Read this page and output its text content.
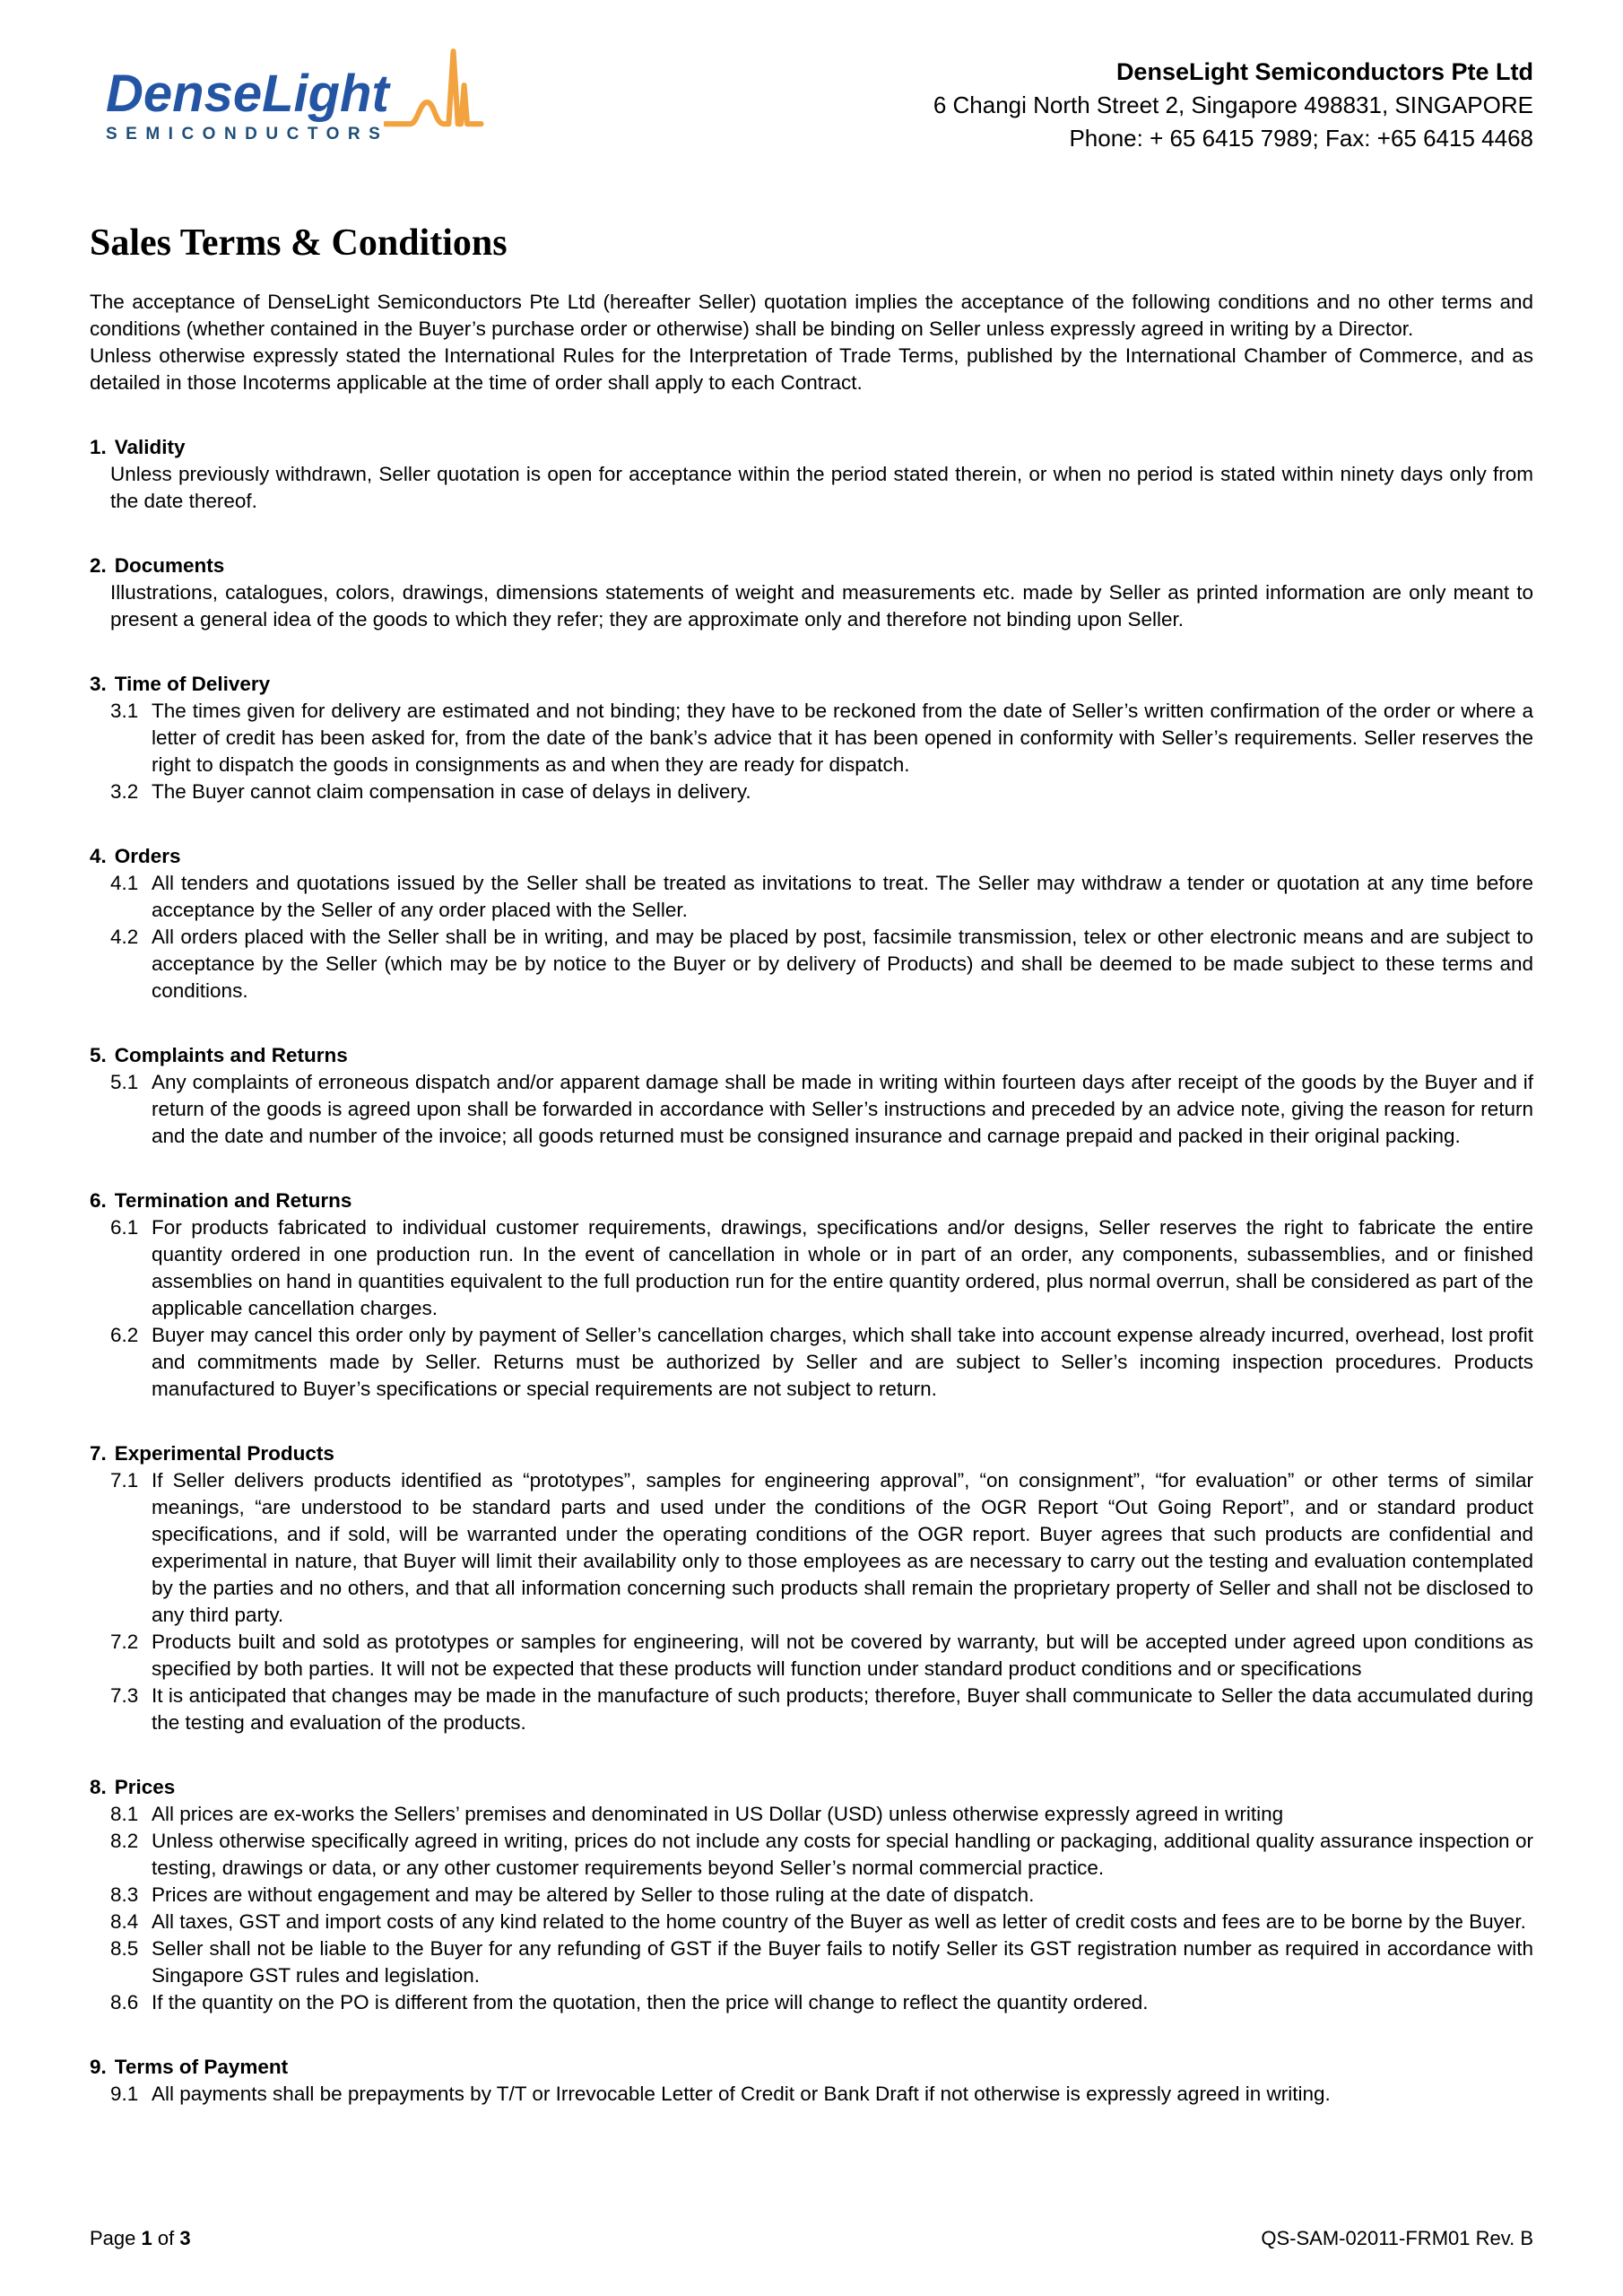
DenseLight
SEMICONDUCTORS
DenseLight Semiconductors Pte Ltd
6 Changi North Street 2, Singapore 498831, SINGAPORE
Phone: + 65 6415 7989; Fax: +65 6415 4468
Sales Terms & Conditions
The acceptance of DenseLight Semiconductors Pte Ltd (hereafter Seller) quotation implies the acceptance of the following conditions and no other terms and conditions (whether contained in the Buyer’s purchase order or otherwise) shall be binding on Seller unless expressly agreed in writing by a Director.
Unless otherwise expressly stated the International Rules for the Interpretation of Trade Terms, published by the International Chamber of Commerce, and as detailed in those Incoterms applicable at the time of order shall apply to each Contract.
1. Validity
Unless previously withdrawn, Seller quotation is open for acceptance within the period stated therein, or when no period is stated within ninety days only from the date thereof.
2. Documents
Illustrations, catalogues, colors, drawings, dimensions statements of weight and measurements etc. made by Seller as printed information are only meant to present a general idea of the goods to which they refer; they are approximate only and therefore not binding upon Seller.
3. Time of Delivery
3.1 The times given for delivery are estimated and not binding; they have to be reckoned from the date of Seller’s written confirmation of the order or where a letter of credit has been asked for, from the date of the bank’s advice that it has been opened in conformity with Seller’s requirements. Seller reserves the right to dispatch the goods in consignments as and when they are ready for dispatch.
3.2 The Buyer cannot claim compensation in case of delays in delivery.
4. Orders
4.1 All tenders and quotations issued by the Seller shall be treated as invitations to treat. The Seller may withdraw a tender or quotation at any time before acceptance by the Seller of any order placed with the Seller.
4.2 All orders placed with the Seller shall be in writing, and may be placed by post, facsimile transmission, telex or other electronic means and are subject to acceptance by the Seller (which may be by notice to the Buyer or by delivery of Products) and shall be deemed to be made subject to these terms and conditions.
5. Complaints and Returns
5.1 Any complaints of erroneous dispatch and/or apparent damage shall be made in writing within fourteen days after receipt of the goods by the Buyer and if return of the goods is agreed upon shall be forwarded in accordance with Seller’s instructions and preceded by an advice note, giving the reason for return and the date and number of the invoice; all goods returned must be consigned insurance and carnage prepaid and packed in their original packing.
6. Termination and Returns
6.1 For products fabricated to individual customer requirements, drawings, specifications and/or designs, Seller reserves the right to fabricate the entire quantity ordered in one production run. In the event of cancellation in whole or in part of an order, any components, subassemblies, and or finished assemblies on hand in quantities equivalent to the full production run for the entire quantity ordered, plus normal overrun, shall be considered as part of the applicable cancellation charges.
6.2 Buyer may cancel this order only by payment of Seller’s cancellation charges, which shall take into account expense already incurred, overhead, lost profit and commitments made by Seller. Returns must be authorized by Seller and are subject to Seller’s incoming inspection procedures. Products manufactured to Buyer’s specifications or special requirements are not subject to return.
7. Experimental Products
7.1 If Seller delivers products identified as “prototypes”, samples for engineering approval”, “on consignment”, “for evaluation” or other terms of similar meanings, “are understood to be standard parts and used under the conditions of the OGR Report “Out Going Report”, and or standard product specifications, and if sold, will be warranted under the operating conditions of the OGR report. Buyer agrees that such products are confidential and experimental in nature, that Buyer will limit their availability only to those employees as are necessary to carry out the testing and evaluation contemplated by the parties and no others, and that all information concerning such products shall remain the proprietary property of Seller and shall not be disclosed to any third party.
7.2 Products built and sold as prototypes or samples for engineering, will not be covered by warranty, but will be accepted under agreed upon conditions as specified by both parties. It will not be expected that these products will function under standard product conditions and or specifications
7.3 It is anticipated that changes may be made in the manufacture of such products; therefore, Buyer shall communicate to Seller the data accumulated during the testing and evaluation of the products.
8. Prices
8.1 All prices are ex-works the Sellers’ premises and denominated in US Dollar (USD) unless otherwise expressly agreed in writing
8.2 Unless otherwise specifically agreed in writing, prices do not include any costs for special handling or packaging, additional quality assurance inspection or testing, drawings or data, or any other customer requirements beyond Seller’s normal commercial practice.
8.3 Prices are without engagement and may be altered by Seller to those ruling at the date of dispatch.
8.4 All taxes, GST and import costs of any kind related to the home country of the Buyer as well as letter of credit costs and fees are to be borne by the Buyer.
8.5 Seller shall not be liable to the Buyer for any refunding of GST if the Buyer fails to notify Seller its GST registration number as required in accordance with Singapore GST rules and legislation.
8.6 If the quantity on the PO is different from the quotation, then the price will change to reflect the quantity ordered.
9. Terms of Payment
9.1 All payments shall be prepayments by T/T or Irrevocable Letter of Credit or Bank Draft if not otherwise is expressly agreed in writing.
Page 1 of 3	QS-SAM-02011-FRM01 Rev. B
